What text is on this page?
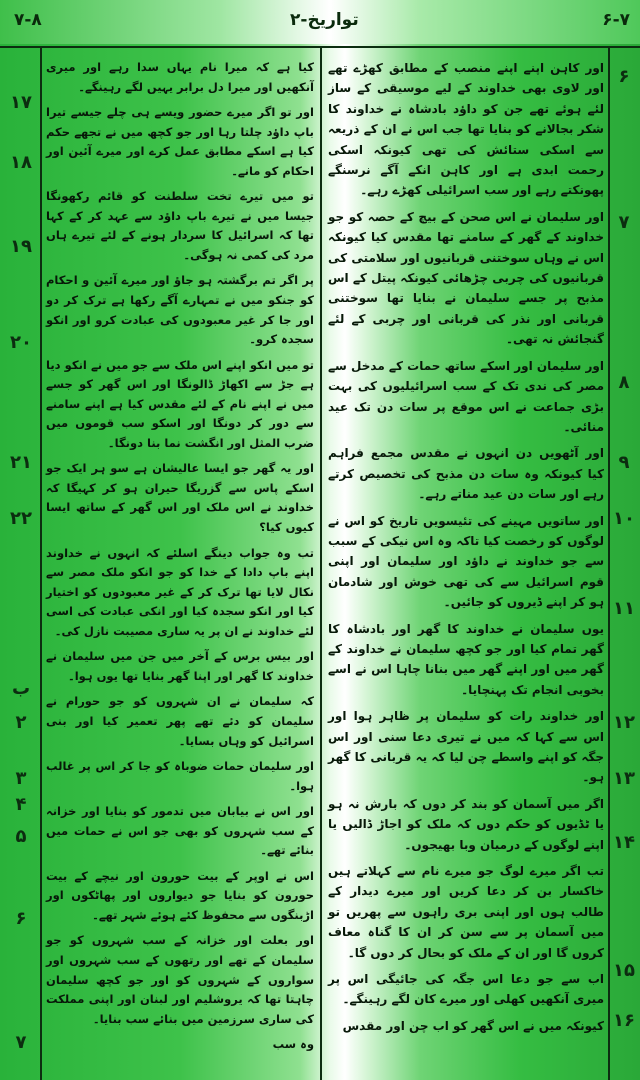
۷-۸	۲-تواریخ	۶-۷
۱۷
۱۸
۱۹
۲۰
۲۱
۲۲
ب
۲
۳
۴
۵
۶
۷
۶
۷
۸
۹
۱۰
۱۱
۱۲
۱۳
۱۴
۱۵
۱۶

اور کاہن اپنے اپنے منصب کے مطابق کھڑے تھے اور لاوی بھی خداوند کے لیے موسیقی کے ساز لئے ہوئے تھے جن کو داؤد بادشاہ نے خداوند کا شکر بجالانے کو بنایا تھا جب اس نے ان کے ذریعہ سے اسکی ستائش کی تھی کیونکہ اسکی رحمت ابدی ہے اور کاہن انکے آگے نرسنگے پھونکتے رہے اور سب اسرائیلی کھڑے رہے۔

اور سلیمان نے اس صحن کے بیچ کے حصہ کو جو خداوند کے گھر کے سامنے تھا مقدس کیا کیونکہ اس نے وہاں سوختنی قربانیوں اور سلامتی کی قربانیوں کی چربی چڑھائی کیونکہ پیتل کے اس مذبح پر جسے سلیمان نے بنایا تھا سوختنی قربانی اور نذر کی قربانی اور چربی کے لئے گنجائش نہ تھی۔

اور سلیمان اور اسکے ساتھ حمات کے مدخل سے مصر کی ندی تک کے سب اسرائیلیوں کی بہت بڑی جماعت نے اس موقع پر سات دن تک عید منائی۔

اور آٹھویں دن انہوں نے مقدس مجمع فراہم کیا کیونکہ وہ سات دن مذبح کی تخصیص کرتے رہے اور سات دن عید مناتے رہے۔

اور ساتویں مہینے کی تئیسویں تاریخ کو اس نے لوگوں کو رخصت کیا تاکہ وہ اس نیکی کے سبب سے جو خداوند نے داؤد اور سلیمان اور اپنی قوم اسرائیل سے کی تھی خوش اور شادمان ہو کر اپنے ڈیروں کو جائیں۔

یوں سلیمان نے خداوند کا گھر اور بادشاہ کا گھر تمام کیا اور جو کچھ سلیمان نے خداوند کے گھر میں اور اپنے گھر میں بنانا چاہا اس نے اسے بخوبی انجام تک پہنچایا۔

اور خداوند رات کو سلیمان پر ظاہر ہوا اور اس سے کہا کہ میں نے تیری دعا سنی اور اس جگہ کو اپنے واسطے چن لیا کہ یہ قربانی کا گھر ہو۔

اگر میں آسمان کو بند کر دوں کہ بارش نہ ہو یا ٹڈیوں کو حکم دوں کہ ملک کو اجاڑ ڈالیں یا اپنے لوگوں کے درمیان وبا بھیجوں۔

تب اگر میرے لوگ جو میرے نام سے کہلاتے ہیں خاکسار بن کر دعا کریں اور میرے دیدار کے طالب ہوں اور اپنی بری راہوں سے پھریں تو میں آسمان پر سے سن کر ان کا گناہ معاف کروں گا اور ان کے ملک کو بحال کر دوں گا۔

اب سے جو دعا اس جگہ کی جائیگی اس پر میری آنکھیں کھلی اور میرے کان لگے رہینگے۔

کیونکہ میں نے اس گھر کو اب چن اور مقدس

کیا ہے کہ میرا نام یہاں سدا رہے اور میری آنکھیں اور میرا دل برابر یہیں لگے رہینگے۔

اور تو اگر میرے حضور ویسے ہی چلے جیسے تیرا باپ داؤد چلتا رہا اور جو کچھ میں نے تجھے حکم کیا ہے اسکے مطابق عمل کرے اور میرے آئین اور احکام کو مانے۔

تو میں تیرے تخت سلطنت کو قائم رکھونگا جیسا میں نے تیرے باپ داؤد سے عہد کر کے کہا تھا کہ اسرائیل کا سردار ہونے کے لئے تیرے ہاں مرد کی کمی نہ ہوگی۔

پر اگر تم برگشتہ ہو جاؤ اور میرے آئین و احکام کو جنکو میں نے تمہارے آگے رکھا ہے ترک کر دو اور جا کر غیر معبودوں کی عبادت کرو اور انکو سجدہ کرو۔

تو میں انکو اپنے اس ملک سے جو میں نے انکو دیا ہے جڑ سے اکھاڑ ڈالونگا اور اس گھر کو جسے میں نے اپنے نام کے لئے مقدس کیا ہے اپنے سامنے سے دور کر دونگا اور اسکو سب قوموں میں ضرب المثل اور انگشت نما بنا دونگا۔

اور یہ گھر جو ایسا عالیشان ہے سو ہر ایک جو اسکے پاس سے گزریگا حیران ہو کر کہیگا کہ خداوند نے اس ملک اور اس گھر کے ساتھ ایسا کیوں کیا؟

تب وہ جواب دینگے اسلئے کہ انہوں نے خداوند اپنے باپ دادا کے خدا کو جو انکو ملک مصر سے نکال لایا تھا ترک کر کے غیر معبودوں کو اختیار کیا اور انکو سجدہ کیا اور انکی عبادت کی اسی لئے خداوند نے ان پر یہ ساری مصیبت نازل کی۔

اور بیس برس کے آخر میں جن میں سلیمان نے خداوند کا گھر اور اپنا گھر بنایا تھا یوں ہوا۔

کہ سلیمان نے ان شہروں کو جو حورام نے سلیمان کو دئے تھے پھر تعمیر کیا اور بنی اسرائیل کو وہاں بسایا۔

اور سلیمان حمات ضوباہ کو جا کر اس پر غالب ہوا۔

اور اس نے بیابان میں تدمور کو بنایا اور خزانہ کے سب شہروں کو بھی جو اس نے حمات میں بنائے تھے۔

اس نے اوپر کے بیت حورون اور نیچے کے بیت حورون کو بنایا جو دیواروں اور پھاٹکوں اور اڑبنگوں سے محفوظ کئے ہوئے شہر تھے۔

اور بعلت اور خزانہ کے سب شہروں کو جو سلیمان کے تھے اور رتھوں کے سب شہروں اور سواروں کے شہروں کو اور جو کچھ سلیمان چاہتا تھا کہ یروشلیم اور لبنان اور اپنی مملکت کی ساری سرزمین میں بنائے سب بنایا۔

وہ سب
